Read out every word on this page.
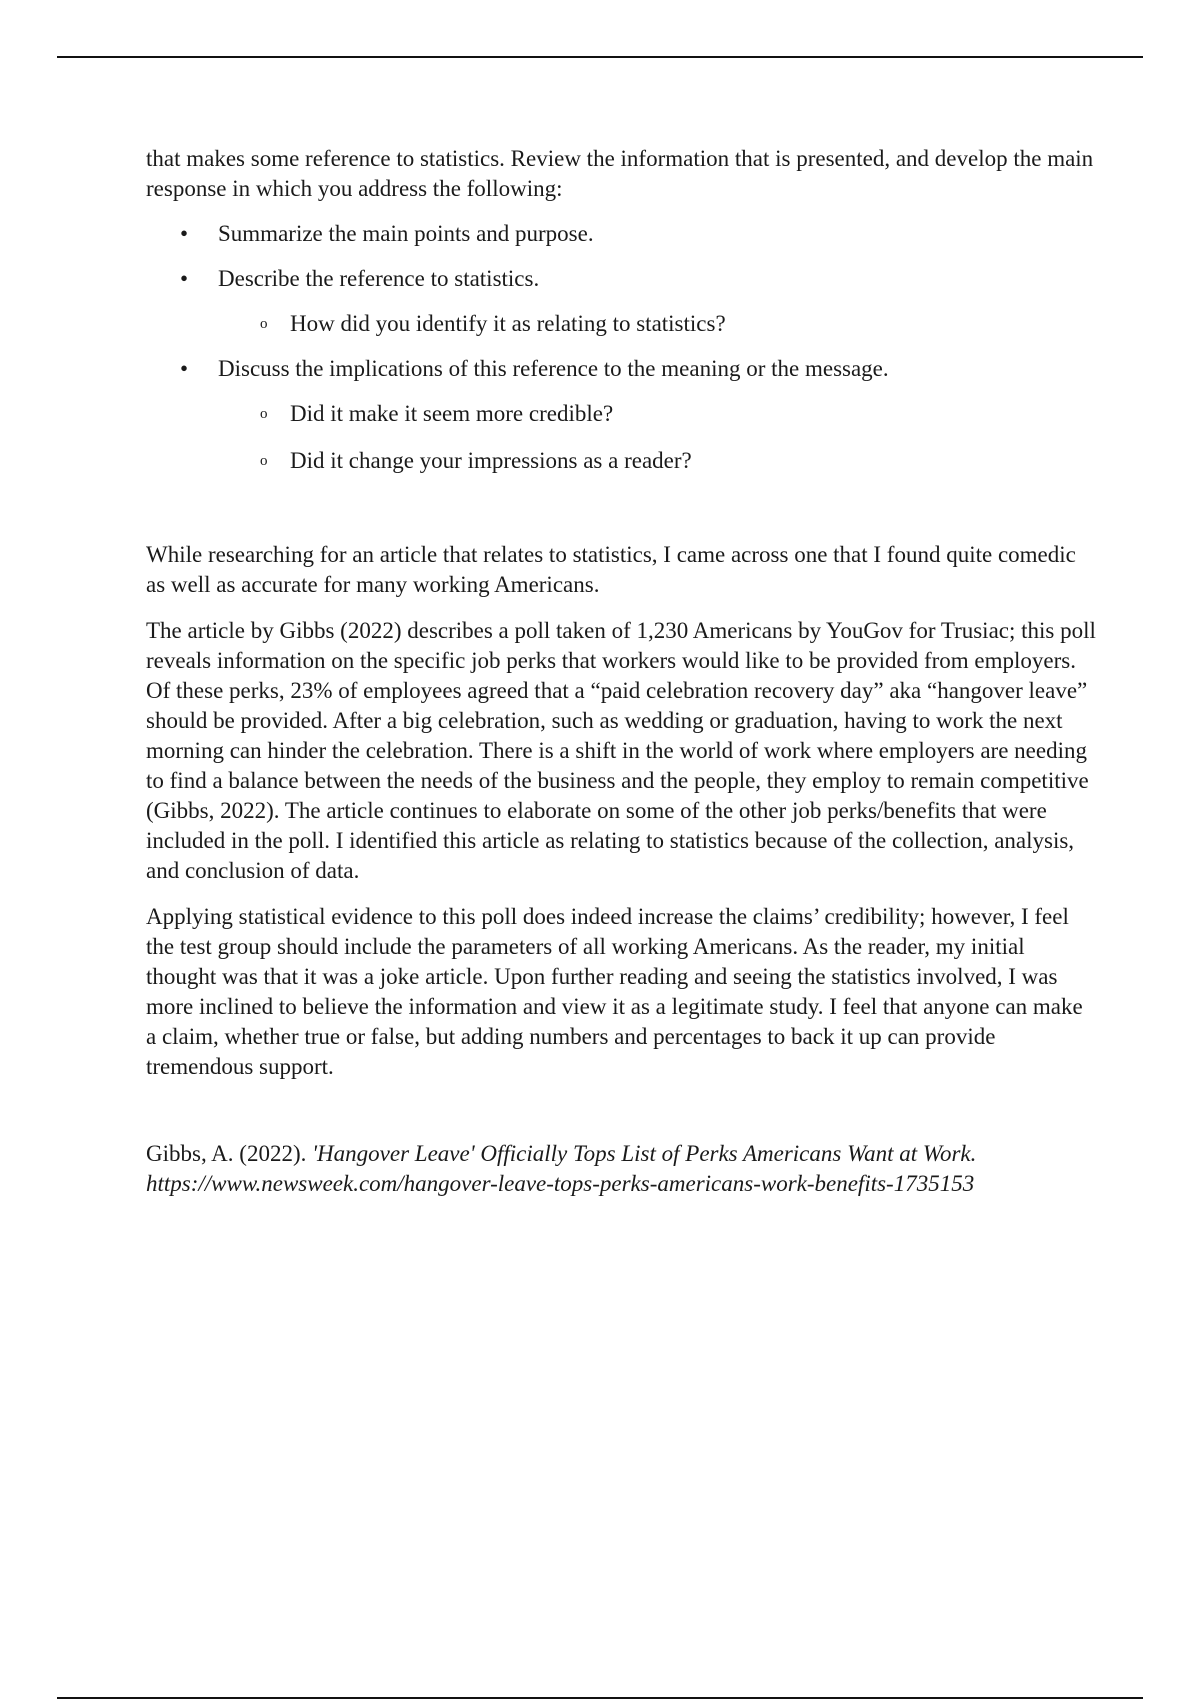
that makes some reference to statistics. Review the information that is presented, and develop the main response in which you address the following:

• Summarize the main points and purpose.
• Describe the reference to statistics.
o How did you identify it as relating to statistics?
• Discuss the implications of this reference to the meaning or the message.
o Did it make it seem more credible?
o Did it change your impressions as a reader?

While researching for an article that relates to statistics, I came across one that I found quite comedic as well as accurate for many working Americans.

The article by Gibbs (2022) describes a poll taken of 1,230 Americans by YouGov for Trusiac; this poll reveals information on the specific job perks that workers would like to be provided from employers. Of these perks, 23% of employees agreed that a “paid celebration recovery day” aka “hangover leave” should be provided. After a big celebration, such as wedding or graduation, having to work the next morning can hinder the celebration. There is a shift in the world of work where employers are needing to find a balance between the needs of the business and the people, they employ to remain competitive (Gibbs, 2022). The article continues to elaborate on some of the other job perks/benefits that were included in the poll. I identified this article as relating to statistics because of the collection, analysis, and conclusion of data.

Applying statistical evidence to this poll does indeed increase the claims’ credibility; however, I feel the test group should include the parameters of all working Americans. As the reader, my initial thought was that it was a joke article. Upon further reading and seeing the statistics involved, I was more inclined to believe the information and view it as a legitimate study. I feel that anyone can make a claim, whether true or false, but adding numbers and percentages to back it up can provide tremendous support.

Gibbs, A. (2022). 'Hangover Leave' Officially Tops List of Perks Americans Want at Work.
https://www.newsweek.com/hangover-leave-tops-perks-americans-work-benefits-1735153
